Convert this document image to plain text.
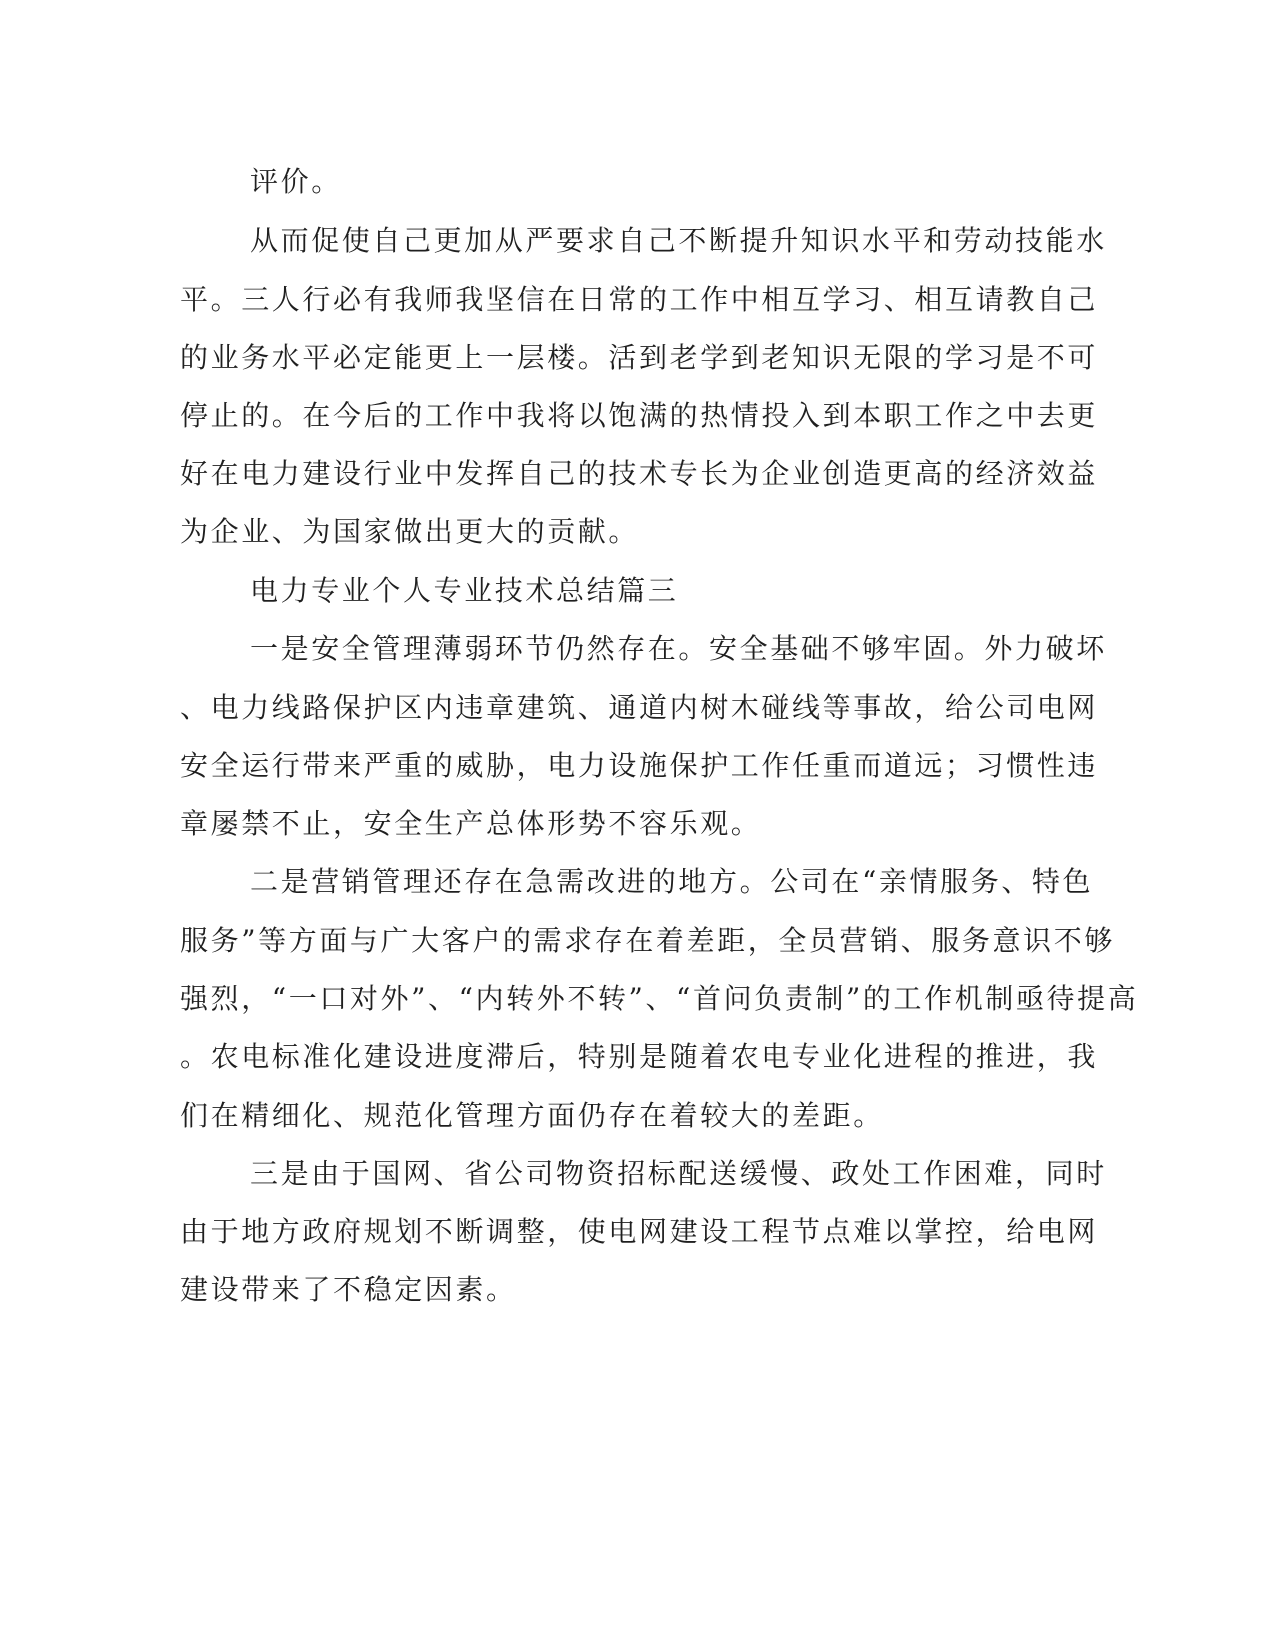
评价。

从而促使自己更加从严要求自己不断提升知识水平和劳动技能水

平。三人行必有我师我坚信在日常的工作中相互学习、相互请教自己

的业务水平必定能更上一层楼。活到老学到老知识无限的学习是不可

停止的。在今后的工作中我将以饱满的热情投入到本职工作之中去更

好在电力建设行业中发挥自己的技术专长为企业创造更高的经济效益

为企业、为国家做出更大的贡献。

电力专业个人专业技术总结篇三

一是安全管理薄弱环节仍然存在。安全基础不够牢固。外力破坏

、电力线路保护区内违章建筑、通道内树木碰线等事故，给公司电网

安全运行带来严重的威胁，电力设施保护工作任重而道远；习惯性违

章屡禁不止，安全生产总体形势不容乐观。

二是营销管理还存在急需改进的地方。公司在“亲情服务、特色

服务”等方面与广大客户的需求存在着差距，全员营销、服务意识不够

强烈，“一口对外”、“内转外不转”、“首问负责制”的工作机制亟待提高

。农电标准化建设进度滞后，特别是随着农电专业化进程的推进，我

们在精细化、规范化管理方面仍存在着较大的差距。

三是由于国网、省公司物资招标配送缓慢、政处工作困难，同时

由于地方政府规划不断调整，使电网建设工程节点难以掌控，给电网

建设带来了不稳定因素。
